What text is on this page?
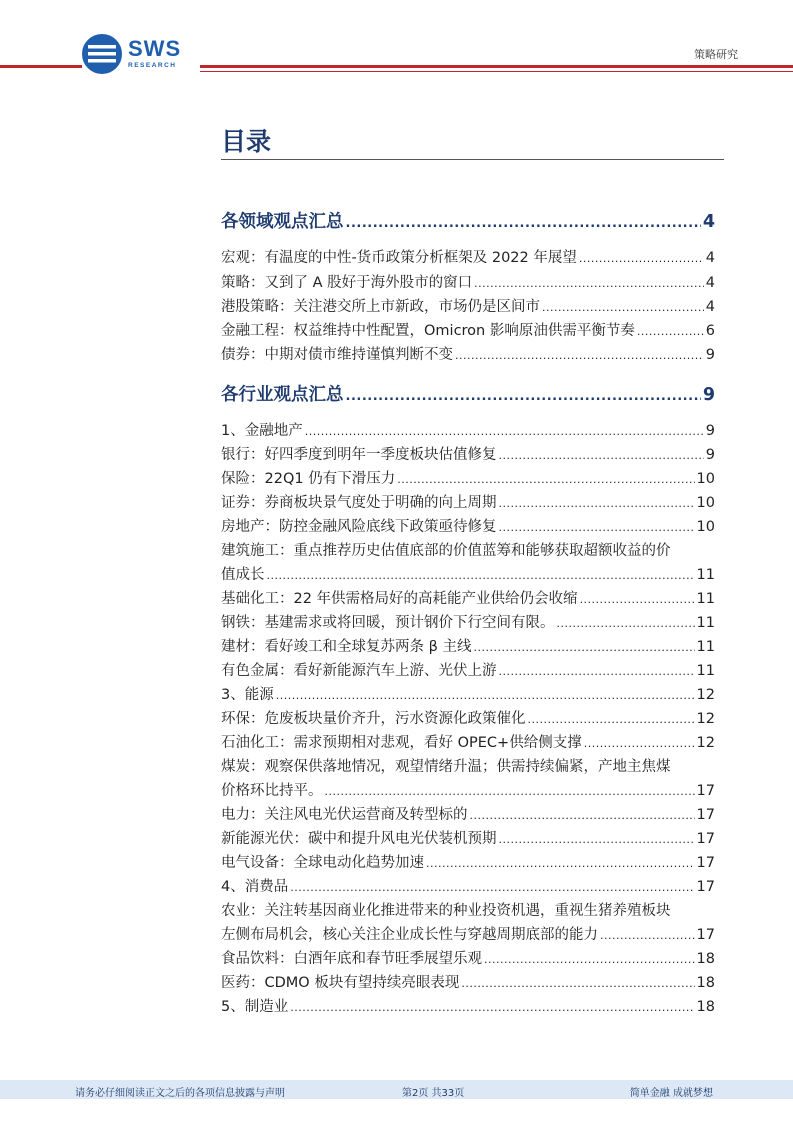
SWS
RESEARCH
策略研究
目录
各领域观点汇总 .....	4
宏观：有温度的中性-货币政策分析框架及 2022 年展望 .....	4
策略：又到了 A 股好于海外股市的窗口 .....	4
港股策略：关注港交所上市新政，市场仍是区间市 .....	4
金融工程：权益维持中性配置，Omicron 影响原油供需平衡节奏 .....	6
债券：中期对债市维持谨慎判断不变 .....	9
各行业观点汇总 .....	9
1、金融地产 .....	9
银行：好四季度到明年一季度板块估值修复 .....	9
保险：22Q1 仍有下滑压力 .....	10
证券：券商板块景气度处于明确的向上周期 .....	10
房地产：防控金融风险底线下政策亟待修复 .....	10
建筑施工：重点推荐历史估值底部的价值蓝筹和能够获取超额收益的价
值成长 .....	11
基础化工：22 年供需格局好的高耗能产业供给仍会收缩 .....	11
钢铁：基建需求或将回暖，预计钢价下行空间有限。 .....	11
建材：看好竣工和全球复苏两条 β 主线 .....	11
有色金属：看好新能源汽车上游、光伏上游 .....	11
3、能源 .....	12
环保：危废板块量价齐升，污水资源化政策催化 .....	12
石油化工：需求预期相对悲观，看好 OPEC+供给侧支撑 .....	12
煤炭：观察保供落地情况，观望情绪升温；供需持续偏紧，产地主焦煤
价格环比持平。 .....	17
电力：关注风电光伏运营商及转型标的 .....	17
新能源光伏：碳中和提升风电光伏装机预期 .....	17
电气设备：全球电动化趋势加速 .....	17
4、消费品 .....	17
农业：关注转基因商业化推进带来的种业投资机遇，重视生猪养殖板块
左侧布局机会，核心关注企业成长性与穿越周期底部的能力 .....	17
食品饮料：白酒年底和春节旺季展望乐观 .....	18
医药：CDMO 板块有望持续亮眼表现 .....	18
5、制造业 .....	18
请务必仔细阅读正文之后的各项信息披露与声明	第2页 共33页	简单金融 成就梦想
